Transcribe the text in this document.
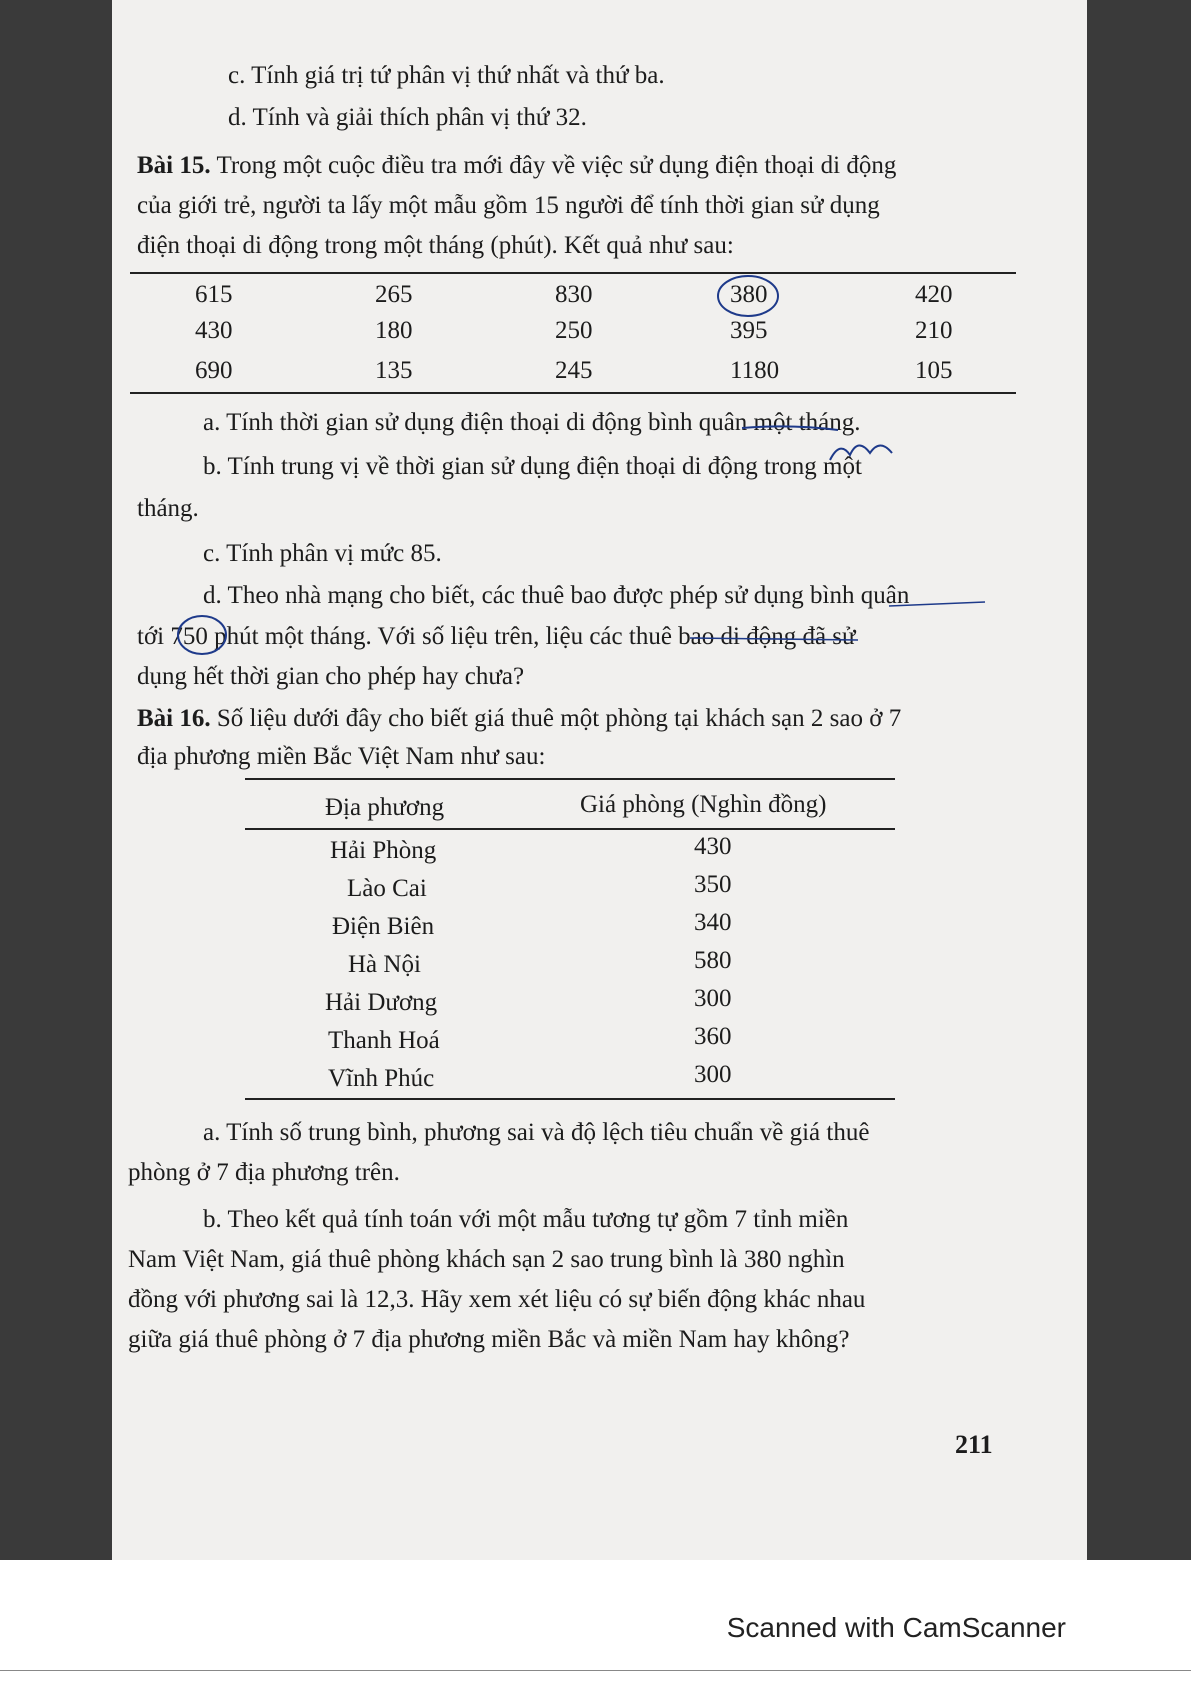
c. Tính giá trị tứ phân vị thứ nhất và thứ ba.
d. Tính và giải thích phân vị thứ 32.
Bài 15. Trong một cuộc điều tra mới đây về việc sử dụng điện thoại di động
của giới trẻ, người ta lấy một mẫu gồm 15 người để tính thời gian sử dụng
điện thoại di động trong một tháng (phút). Kết quả như sau:
615	265	830	380	420
430	180	250	395	210
690	135	245	1180	105
a. Tính thời gian sử dụng điện thoại di động bình quân một tháng.
b. Tính trung vị về thời gian sử dụng điện thoại di động trong một
tháng.
c. Tính phân vị mức 85.
d. Theo nhà mạng cho biết, các thuê bao được phép sử dụng bình quân
tới 750 phút một tháng. Với số liệu trên, liệu các thuê bao di động đã sử
dụng hết thời gian cho phép hay chưa?
Bài 16. Số liệu dưới đây cho biết giá thuê một phòng tại khách sạn 2 sao ở 7
địa phương miền Bắc Việt Nam như sau:
Địa phương	Giá phòng (Nghìn đồng)
Hải Phòng	430
Lào Cai	350
Điện Biên	340
Hà Nội	580
Hải Dương	300
Thanh Hoá	360
Vĩnh Phúc	300
a. Tính số trung bình, phương sai và độ lệch tiêu chuẩn về giá thuê
phòng ở 7 địa phương trên.
b. Theo kết quả tính toán với một mẫu tương tự gồm 7 tỉnh miền
Nam Việt Nam, giá thuê phòng khách sạn 2 sao trung bình là 380 nghìn
đồng với phương sai là 12,3. Hãy xem xét liệu có sự biến động khác nhau
giữa giá thuê phòng ở 7 địa phương miền Bắc và miền Nam hay không?
211
Scanned with CamScanner
